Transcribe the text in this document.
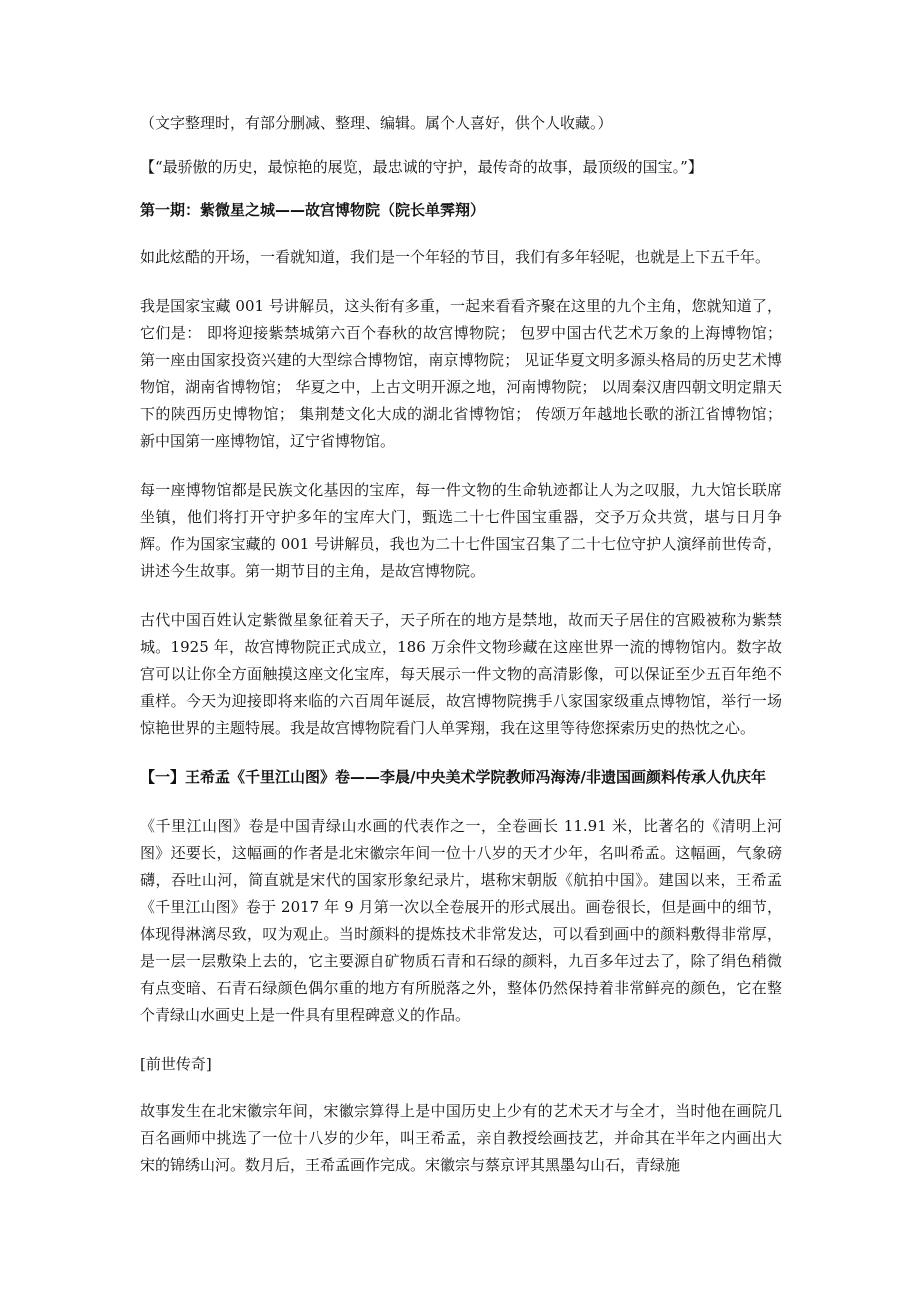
（文字整理时，有部分删减、整理、编辑。属个人喜好，供个人收藏。）

【“最骄傲的历史，最惊艳的展览，最忠诚的守护，最传奇的故事，最顶级的国宝。”】

第一期：紫微星之城——故宫博物院（院长单霁翔）

如此炫酷的开场，一看就知道，我们是一个年轻的节目，我们有多年轻呢，也就是上下五千年。

我是国家宝藏 001 号讲解员，这头衔有多重，一起来看看齐聚在这里的九个主角，您就知道了，它们是： 即将迎接紫禁城第六百个春秋的故宫博物院； 包罗中国古代艺术万象的上海博物馆； 第一座由国家投资兴建的大型综合博物馆，南京博物院； 见证华夏文明多源头格局的历史艺术博物馆，湖南省博物馆； 华夏之中，上古文明开源之地，河南博物院； 以周秦汉唐四朝文明定鼎天下的陕西历史博物馆； 集荆楚文化大成的湖北省博物馆； 传颂万年越地长歌的浙江省博物馆； 新中国第一座博物馆，辽宁省博物馆。

每一座博物馆都是民族文化基因的宝库，每一件文物的生命轨迹都让人为之叹服，九大馆长联席坐镇，他们将打开守护多年的宝库大门，甄选二十七件国宝重器，交予万众共赏，堪与日月争辉。作为国家宝藏的 001 号讲解员，我也为二十七件国宝召集了二十七位守护人演绎前世传奇，讲述今生故事。第一期节目的主角，是故宫博物院。

古代中国百姓认定紫微星象征着天子，天子所在的地方是禁地，故而天子居住的宫殿被称为紫禁城。1925 年，故宫博物院正式成立，186 万余件文物珍藏在这座世界一流的博物馆内。数字故宫可以让你全方面触摸这座文化宝库，每天展示一件文物的高清影像，可以保证至少五百年绝不重样。今天为迎接即将来临的六百周年诞辰，故宫博物院携手八家国家级重点博物馆，举行一场惊艳世界的主题特展。我是故宫博物院看门人单霁翔，我在这里等待您探索历史的热忱之心。

【一】王希孟《千里江山图》卷——李晨/中央美术学院教师冯海涛/非遗国画颜料传承人仇庆年

《千里江山图》卷是中国青绿山水画的代表作之一，全卷画长 11.91 米，比著名的《清明上河图》还要长，这幅画的作者是北宋徽宗年间一位十八岁的天才少年，名叫希孟。这幅画，气象磅礴，吞吐山河，简直就是宋代的国家形象纪录片，堪称宋朝版《航拍中国》。建国以来，王希孟《千里江山图》卷于 2017 年 9 月第一次以全卷展开的形式展出。画卷很长，但是画中的细节，体现得淋漓尽致，叹为观止。当时颜料的提炼技术非常发达，可以看到画中的颜料敷得非常厚，是一层一层敷染上去的，它主要源自矿物质石青和石绿的颜料，九百多年过去了，除了绢色稍微有点变暗、石青石绿颜色偶尔重的地方有所脱落之外，整体仍然保持着非常鲜亮的颜色，它在整个青绿山水画史上是一件具有里程碑意义的作品。

[前世传奇]

故事发生在北宋徽宗年间，宋徽宗算得上是中国历史上少有的艺术天才与全才，当时他在画院几百名画师中挑选了一位十八岁的少年，叫王希孟，亲自教授绘画技艺，并命其在半年之内画出大宋的锦绣山河。数月后，王希孟画作完成。宋徽宗与蔡京评其黑墨勾山石，青绿施
